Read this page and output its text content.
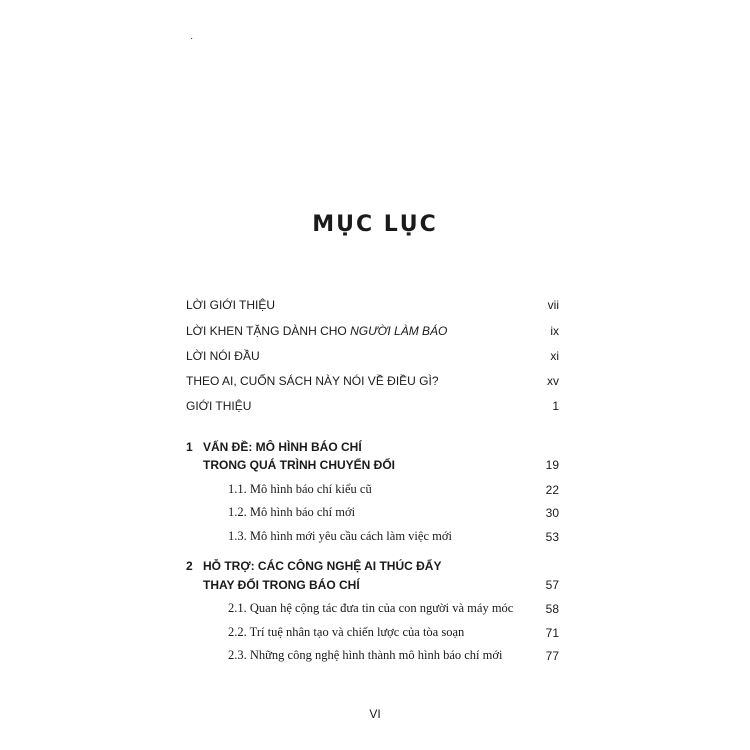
·
MỤC LỤC
LỜI GIỚI THIỆU	vii
LỜI KHEN TẶNG DÀNH CHO NGƯỜI LÀM BÁO	ix
LỜI NÓI ĐẦU	xi
THEO AI, CUỐN SÁCH NÀY NÓI VỀ ĐIỀU GÌ?	xv
GIỚI THIỆU	1
1 VẤN ĐỀ: MÔ HÌNH BÁO CHÍ
TRONG QUÁ TRÌNH CHUYỂN ĐỔI	19
1.1. Mô hình báo chí kiểu cũ	22
1.2. Mô hình báo chí mới	30
1.3. Mô hình mới yêu cầu cách làm việc mới	53
2 HỖ TRỢ: CÁC CÔNG NGHỆ AI THÚC ĐẨY
THAY ĐỔI TRONG BÁO CHÍ	57
2.1. Quan hệ cộng tác đưa tin của con người và máy móc	58
2.2. Trí tuệ nhân tạo và chiến lược của tòa soạn	71
2.3. Những công nghệ hình thành mô hình báo chí mới	77
VI
